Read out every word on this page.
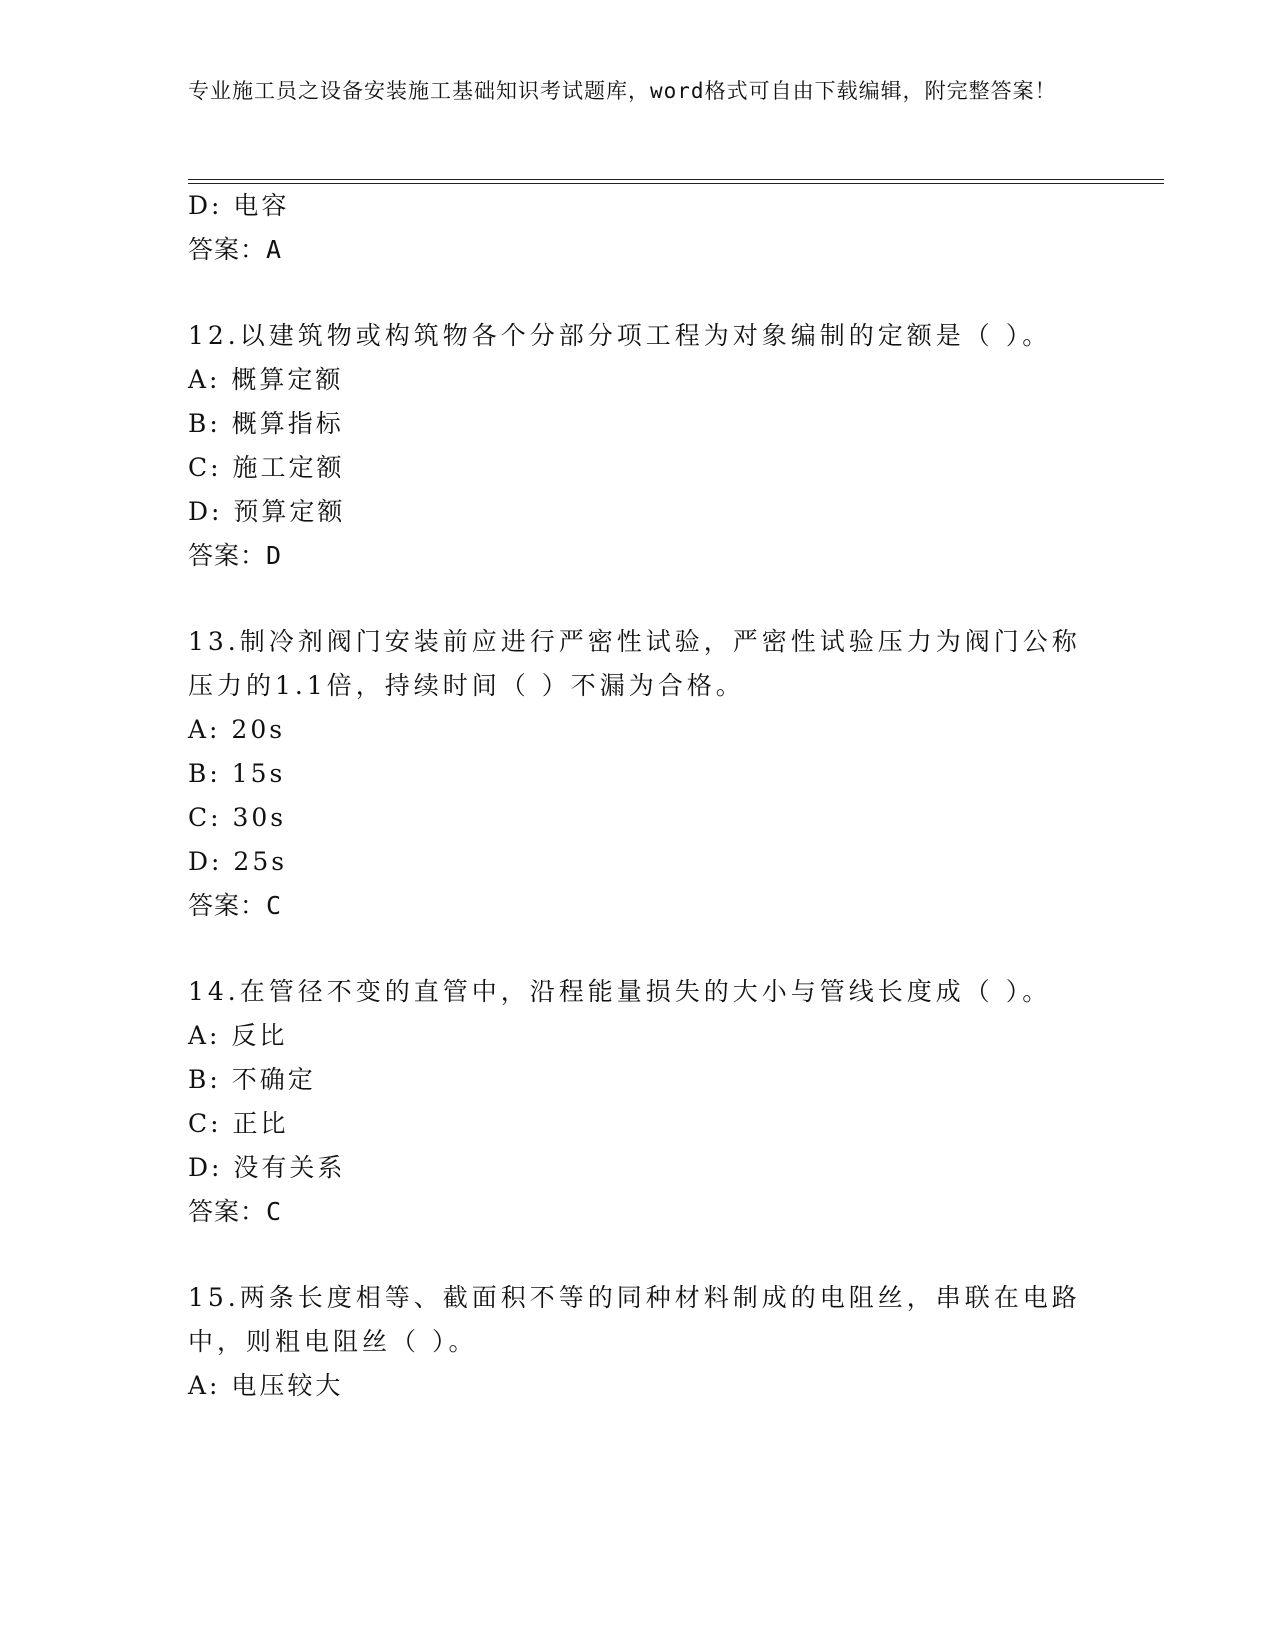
专业施工员之设备安装施工基础知识考试题库，word格式可自由下载编辑，附完整答案！
D: 电容
答案：A
12.以建筑物或构筑物各个分部分项工程为对象编制的定额是（ ）。
A: 概算定额
B: 概算指标
C: 施工定额
D: 预算定额
答案：D
13.制冷剂阀门安装前应进行严密性试验，严密性试验压力为阀门公称
压力的1.1倍，持续时间（ ）不漏为合格。
A: 20s
B: 15s
C: 30s
D: 25s
答案：C
14.在管径不变的直管中，沿程能量损失的大小与管线长度成（ ）。
A: 反比
B: 不确定
C: 正比
D: 没有关系
答案：C
15.两条长度相等、截面积不等的同种材料制成的电阻丝，串联在电路
中，则粗电阻丝（ ）。
A: 电压较大
